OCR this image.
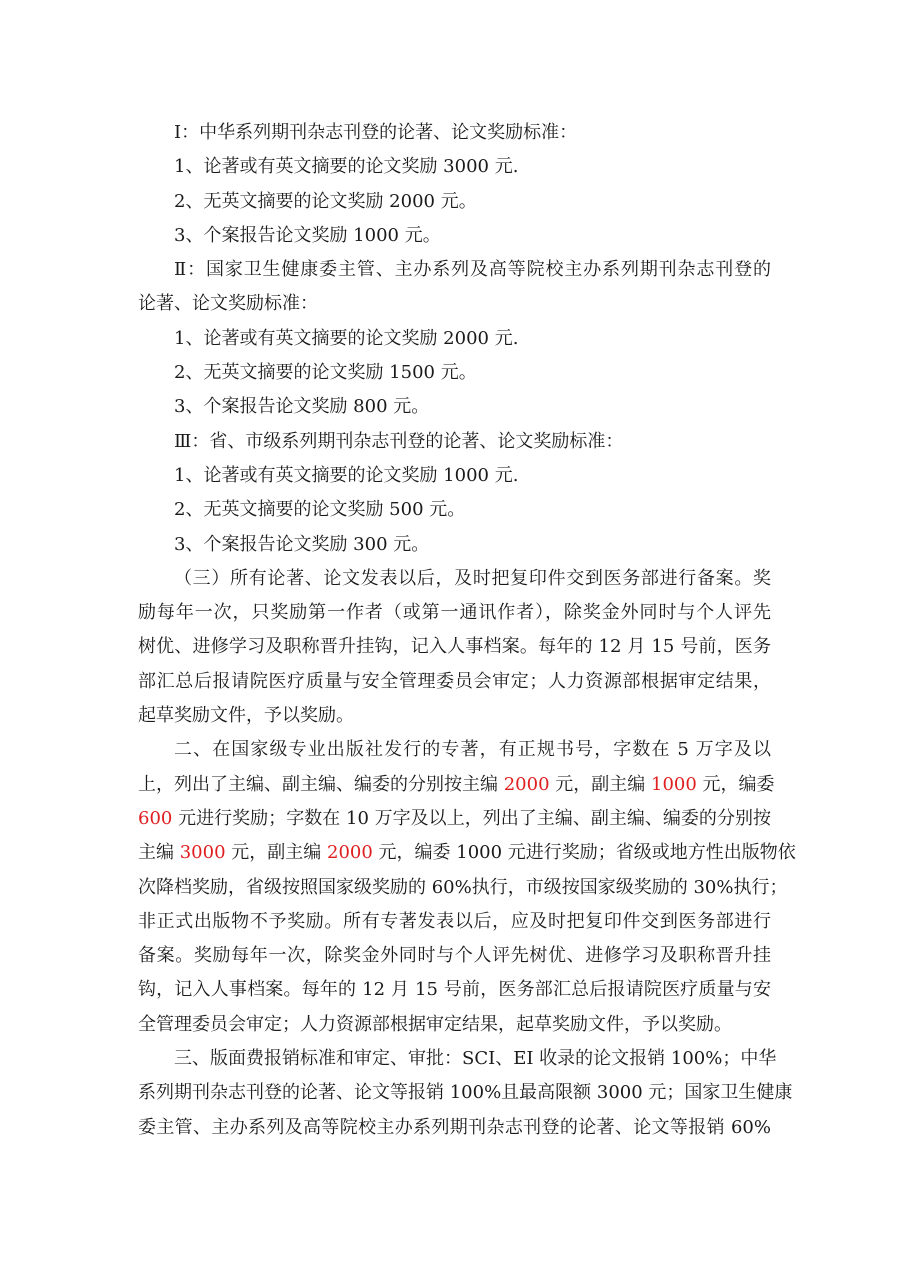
Ⅰ：中华系列期刊杂志刊登的论著、论文奖励标准：

1、论著或有英文摘要的论文奖励 3000 元.

2、无英文摘要的论文奖励 2000 元。

3、个案报告论文奖励 1000 元。

Ⅱ：国家卫生健康委主管、主办系列及高等院校主办系列期刊杂志刊登的

论著、论文奖励标准：

1、论著或有英文摘要的论文奖励 2000 元.

2、无英文摘要的论文奖励 1500 元。

3、个案报告论文奖励 800 元。

Ⅲ：省、市级系列期刊杂志刊登的论著、论文奖励标准：

1、论著或有英文摘要的论文奖励 1000 元.

2、无英文摘要的论文奖励 500 元。

3、个案报告论文奖励 300 元。

（三）所有论著、论文发表以后，及时把复印件交到医务部进行备案。奖

励每年一次，只奖励第一作者（或第一通讯作者），除奖金外同时与个人评先

树优、进修学习及职称晋升挂钩，记入人事档案。每年的 12 月 15 号前，医务

部汇总后报请院医疗质量与安全管理委员会审定；人力资源部根据审定结果，

起草奖励文件，予以奖励。

二、在国家级专业出版社发行的专著，有正规书号，字数在 5 万字及以

上，列出了主编、副主编、编委的分别按主编 2000 元，副主编 1000 元，编委

600 元进行奖励；字数在 10 万字及以上，列出了主编、副主编、编委的分别按

主编 3000 元，副主编 2000 元，编委 1000 元进行奖励；省级或地方性出版物依

次降档奖励，省级按照国家级奖励的 60%执行，市级按国家级奖励的 30%执行；

非正式出版物不予奖励。所有专著发表以后，应及时把复印件交到医务部进行

备案。奖励每年一次，除奖金外同时与个人评先树优、进修学习及职称晋升挂

钩，记入人事档案。每年的 12 月 15 号前，医务部汇总后报请院医疗质量与安

全管理委员会审定；人力资源部根据审定结果，起草奖励文件，予以奖励。

三、版面费报销标准和审定、审批：SCI、EI 收录的论文报销 100%；中华

系列期刊杂志刊登的论著、论文等报销 100%且最高限额 3000 元；国家卫生健康

委主管、主办系列及高等院校主办系列期刊杂志刊登的论著、论文等报销 60%
